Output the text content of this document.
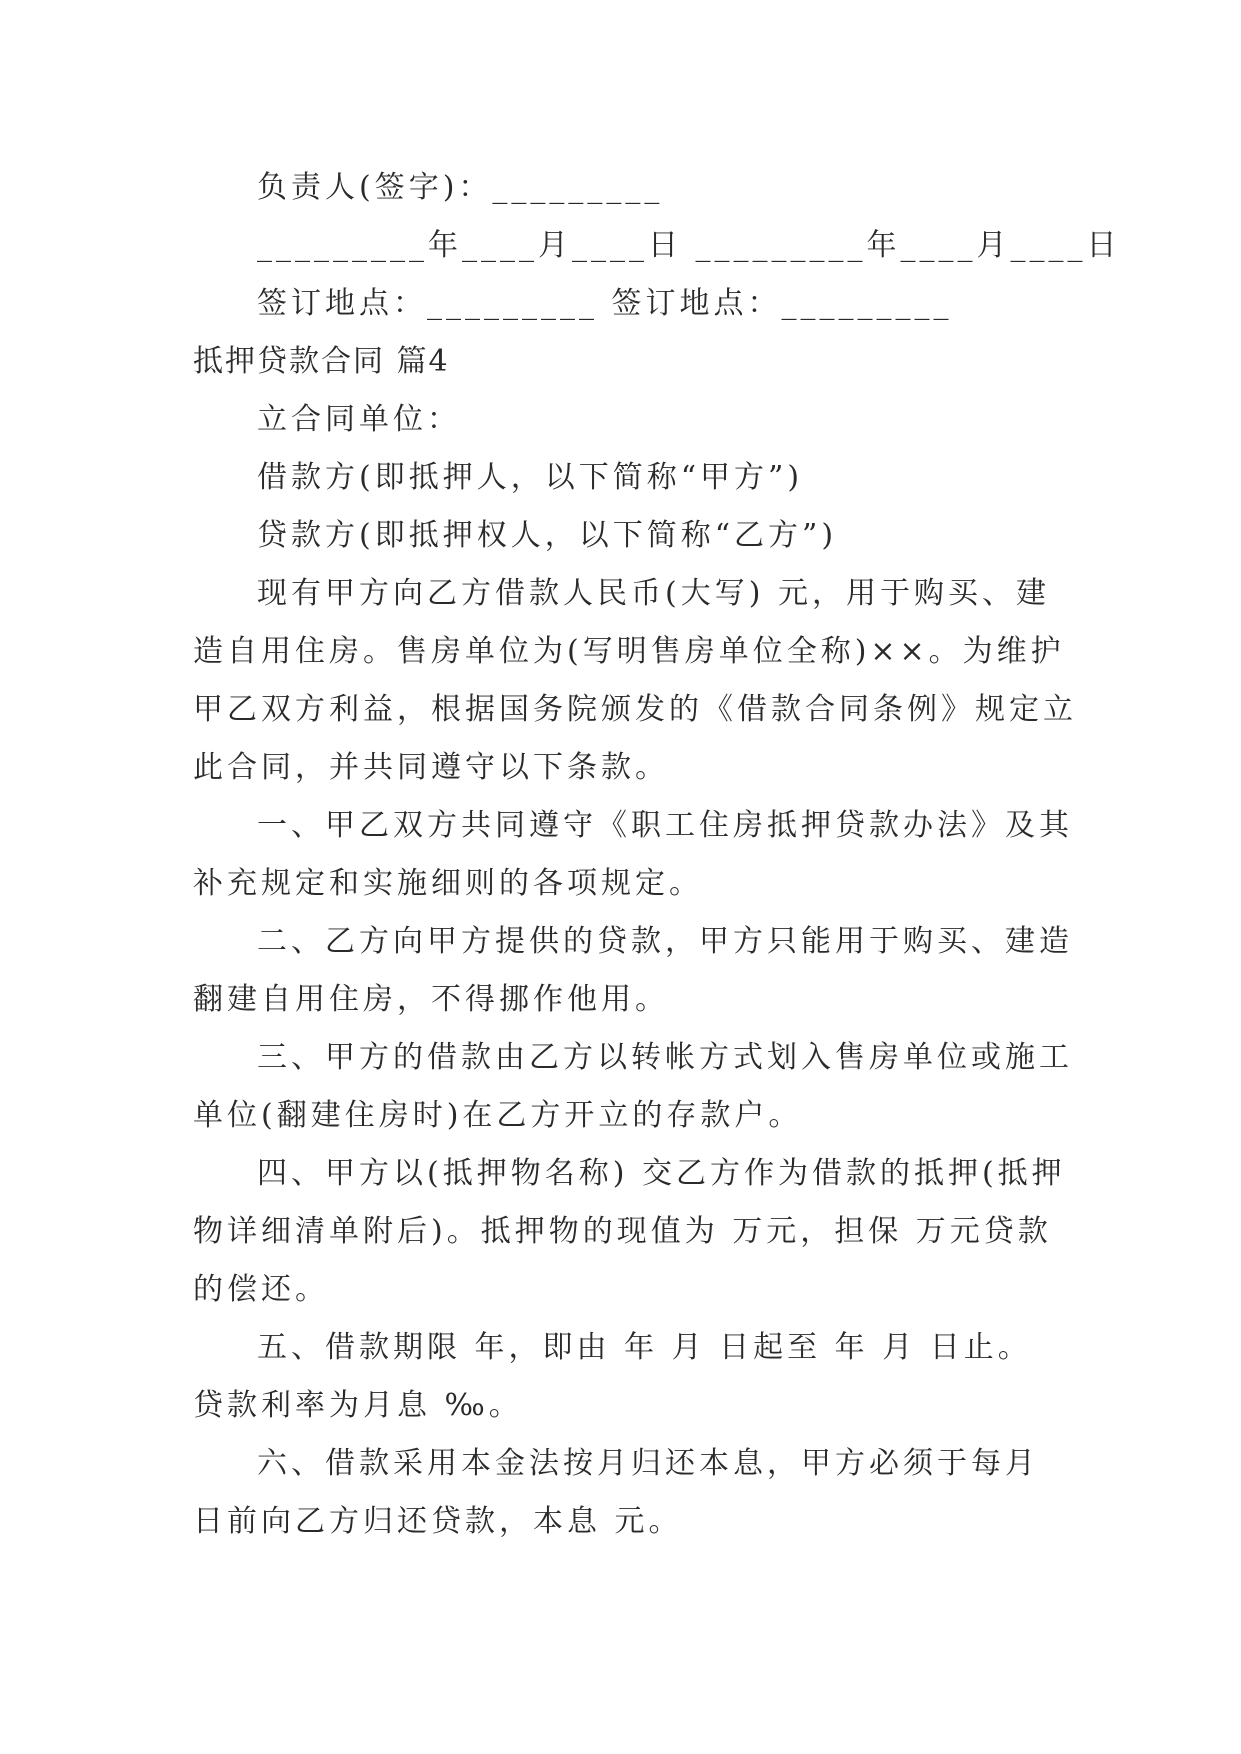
负责人(签字)：_________
_________年____月____日 _________年____月____日
签订地点：_________ 签订地点：_________
抵押贷款合同 篇4
立合同单位：
借款方(即抵押人，以下简称“甲方”)
贷款方(即抵押权人，以下简称“乙方”)
现有甲方向乙方借款人民币(大写) 元，用于购买、建
造自用住房。售房单位为(写明售房单位全称)××。为维护
甲乙双方利益，根据国务院颁发的《借款合同条例》规定立
此合同，并共同遵守以下条款。
一、甲乙双方共同遵守《职工住房抵押贷款办法》及其
补充规定和实施细则的各项规定。
二、乙方向甲方提供的贷款，甲方只能用于购买、建造
翻建自用住房，不得挪作他用。
三、甲方的借款由乙方以转帐方式划入售房单位或施工
单位(翻建住房时)在乙方开立的存款户。
四、甲方以(抵押物名称) 交乙方作为借款的抵押(抵押
物详细清单附后)。抵押物的现值为 万元，担保 万元贷款
的偿还。
五、借款期限 年，即由 年 月 日起至 年 月 日止。
贷款利率为月息 ‰。
六、借款采用本金法按月归还本息，甲方必须于每月
日前向乙方归还贷款，本息 元。
